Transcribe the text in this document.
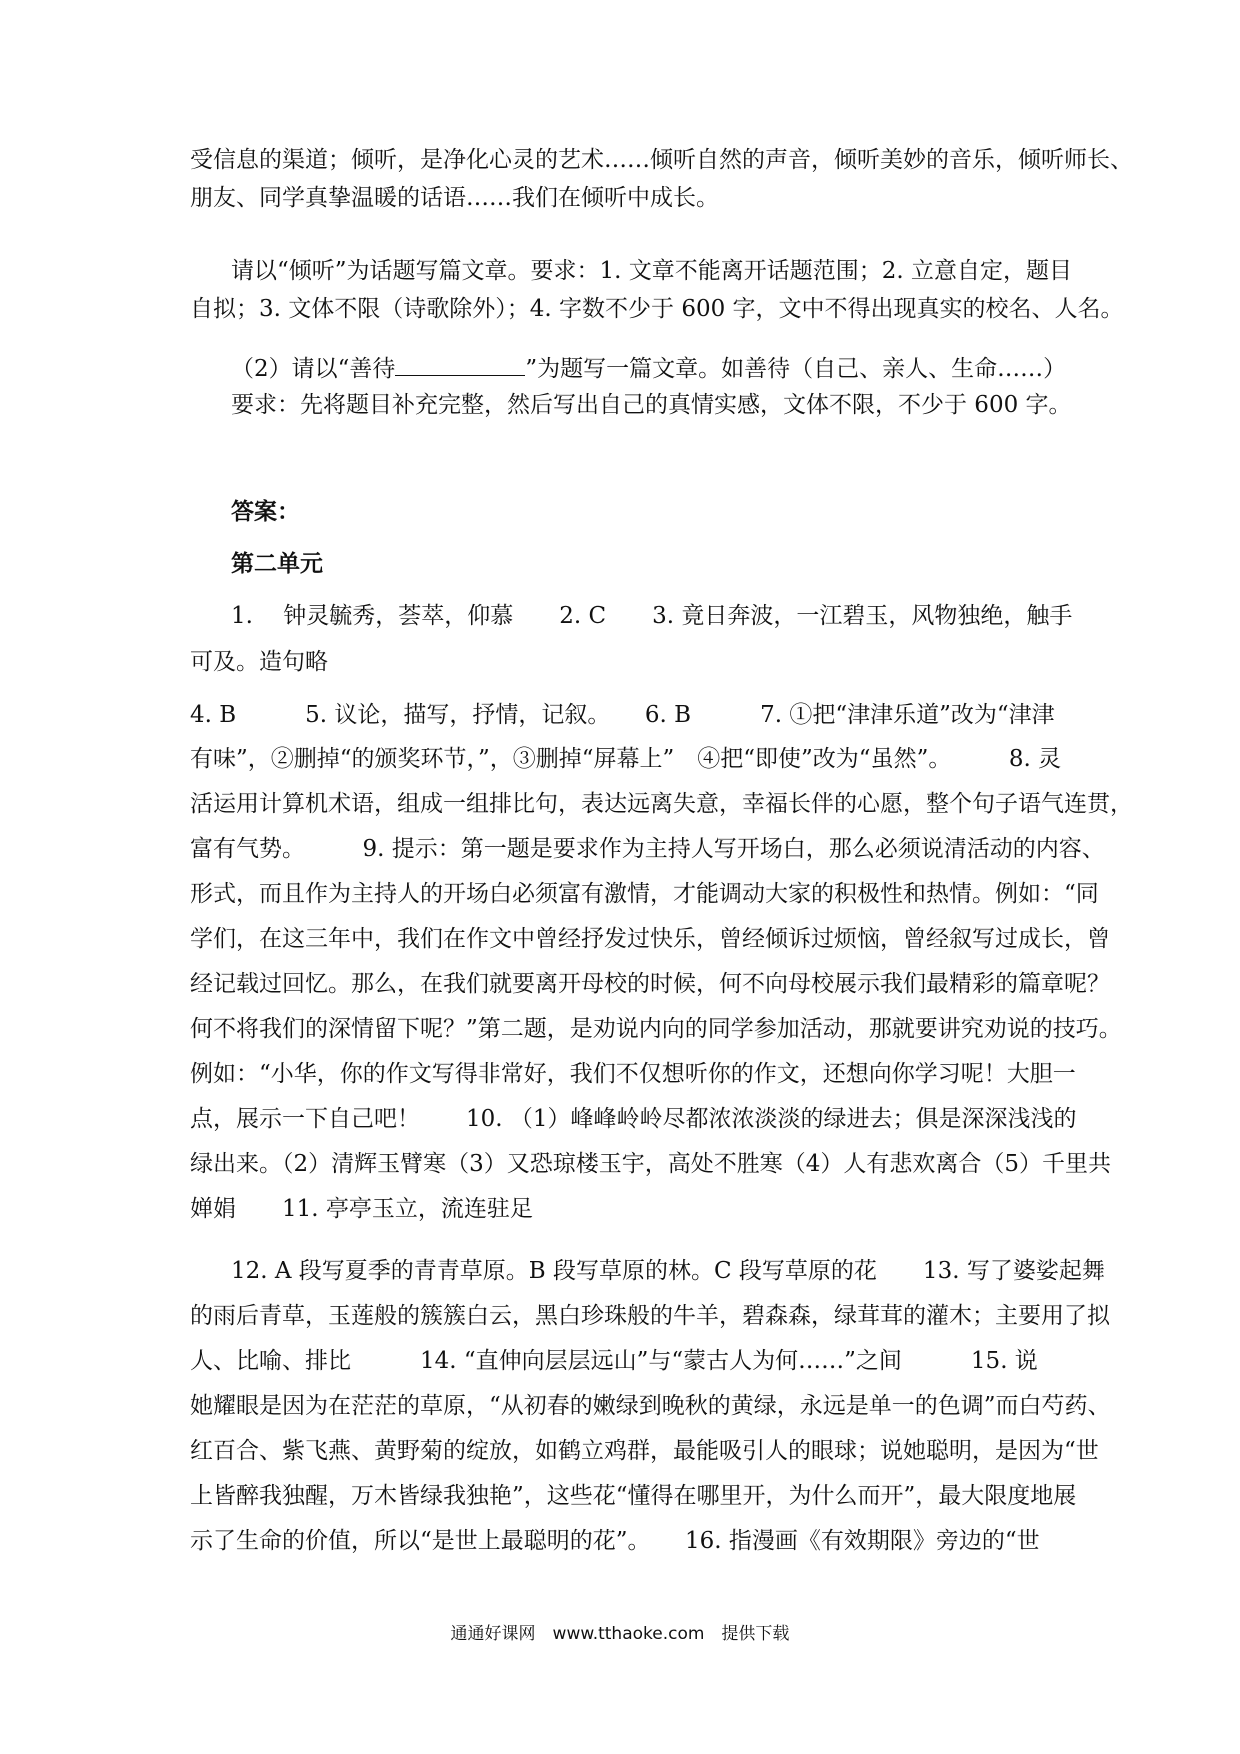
受信息的渠道；倾听，是净化心灵的艺术……倾听自然的声音，倾听美妙的音乐，倾听师长、
朋友、同学真挚温暖的话语……我们在倾听中成长。
请以“倾听”为话题写篇文章。要求：1. 文章不能离开话题范围；2. 立意自定，题目
自拟；3. 文体不限（诗歌除外）；4. 字数不少于 600 字，文中不得出现真实的校名、人名。
（2）请以“善待	”为题写一篇文章。如善待（自己、亲人、生命……）
要求：先将题目补充完整，然后写出自己的真情实感，文体不限，不少于 600 字。
答案：
第二单元
1.　 钟灵毓秀，荟萃，仰慕　　2. C　　3. 竟日奔波，一江碧玉，风物独绝，触手
可及。造句略
4. B　　　5. 议论，描写，抒情，记叙。　　6. B　　　7. ①把“津津乐道”改为“津津
有味”，②删掉“的颁奖环节，”，③删掉“屏幕上”　④把“即使”改为“虽然”。　　　8. 灵
活运用计算机术语，组成一组排比句，表达远离失意，幸福长伴的心愿，整个句子语气连贯，
富有气势。　　　9. 提示：第一题是要求作为主持人写开场白，那么必须说清活动的内容、
形式，而且作为主持人的开场白必须富有激情，才能调动大家的积极性和热情。例如：“同
学们，在这三年中，我们在作文中曾经抒发过快乐，曾经倾诉过烦恼，曾经叙写过成长，曾
经记载过回忆。那么，在我们就要离开母校的时候，何不向母校展示我们最精彩的篇章呢？
何不将我们的深情留下呢？”第二题，是劝说内向的同学参加活动，那就要讲究劝说的技巧。
例如：“小华，你的作文写得非常好，我们不仅想听你的作文，还想向你学习呢！大胆一
点，展示一下自己吧！　　10. （1）峰峰岭岭尽都浓浓淡淡的绿进去；俱是深深浅浅的
绿出来。（2）清辉玉臂寒（3）又恐琼楼玉宇，高处不胜寒（4）人有悲欢离合（5）千里共
婵娟　　11. 亭亭玉立，流连驻足
12. A 段写夏季的青青草原。B 段写草原的林。C 段写草原的花　　13. 写了婆娑起舞
的雨后青草，玉莲般的簇簇白云，黑白珍珠般的牛羊，碧森森，绿茸茸的灌木；主要用了拟
人、比喻、排比　　　14. “直伸向层层远山”与“蒙古人为何……”之间　　　15. 说
她耀眼是因为在茫茫的草原，“从初春的嫩绿到晚秋的黄绿，永远是单一的色调”而白芍药、
红百合、紫飞燕、黄野菊的绽放，如鹤立鸡群，最能吸引人的眼球；说她聪明，是因为“世
上皆醉我独醒，万木皆绿我独艳”，这些花“懂得在哪里开，为什么而开”，最大限度地展
示了生命的价值，所以“是世上最聪明的花”。　　16. 指漫画《有效期限》旁边的“世
通通好课网　www.tthaoke.com　提供下载
